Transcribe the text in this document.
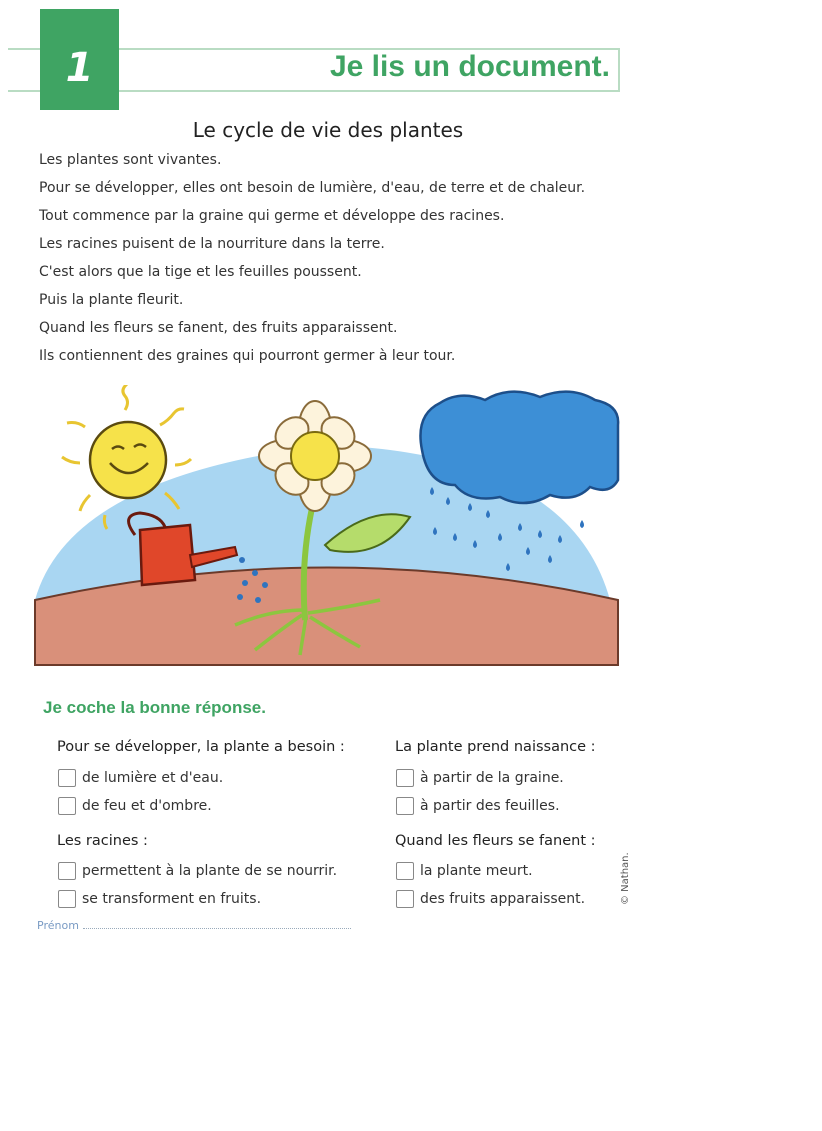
1	Je lis un document.
Le cycle de vie des plantes
Les plantes sont vivantes.
Pour se développer, elles ont besoin de lumière, d'eau, de terre et de chaleur.
Tout commence par la graine qui germe et développe des racines.
Les racines puisent de la nourriture dans la terre.
C'est alors que la tige et les feuilles poussent.
Puis la plante fleurit.
Quand les fleurs se fanent, des fruits apparaissent.
Ils contiennent des graines qui pourront germer à leur tour.
Je coche la bonne réponse.
Pour se développer, la plante a besoin :
de lumière et d'eau.
de feu et d'ombre.
La plante prend naissance :
à partir de la graine.
à partir des feuilles.
Les racines :
permettent à la plante de se nourrir.
se transforment en fruits.
Quand les fleurs se fanent :
la plante meurt.
des fruits apparaissent.	© Nathan.
Prénom
